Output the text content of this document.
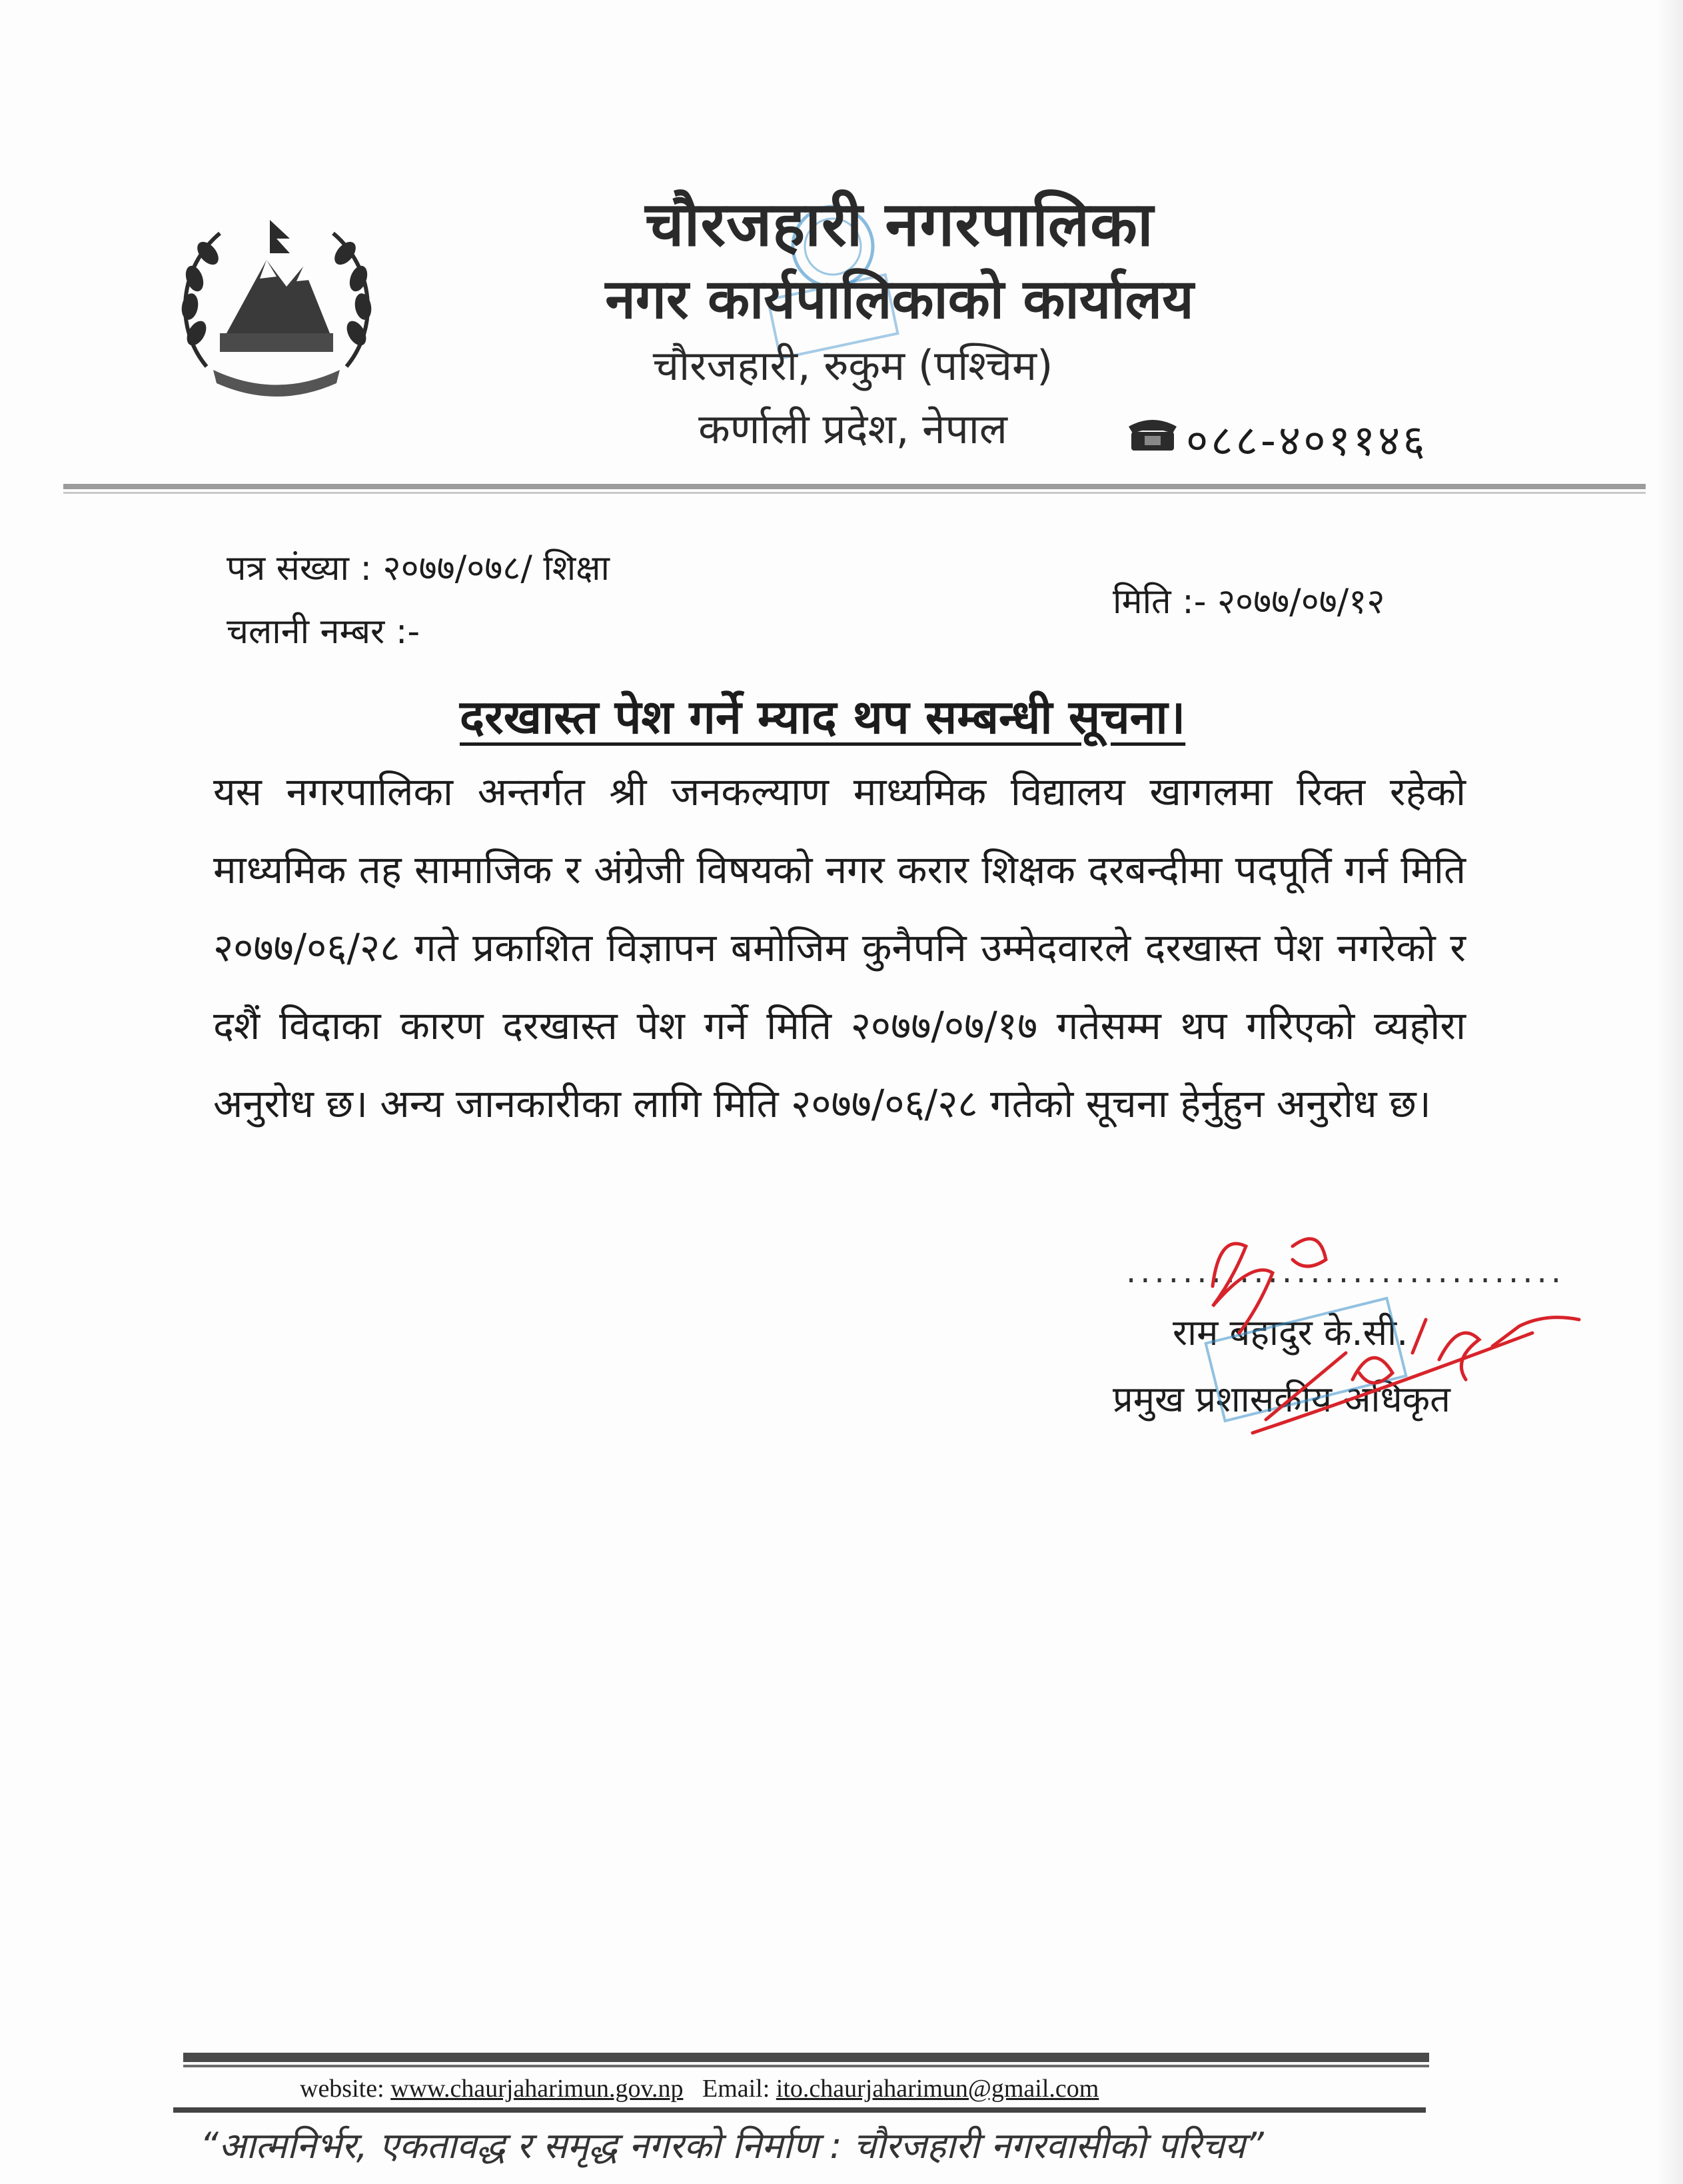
चौरजहारी नगरपालिका
नगर कार्यपालिकाको कार्यालय
चौरजहारी, रुकुम (पश्चिम)
कर्णाली प्रदेश, नेपाल	०८८-४०११४६
पत्र संख्या : २०७७/०७८/ शिक्षा
चलानी नम्बर :-
मिति :- २०७७/०७/१२
दरखास्त पेश गर्ने म्याद थप सम्बन्धी सूचना।
यस नगरपालिका अन्तर्गत श्री जनकल्याण माध्यमिक विद्यालय खागलमा रिक्त रहेको माध्यमिक तह सामाजिक र अंग्रेजी विषयको नगर करार शिक्षक दरबन्दीमा पदपूर्ति गर्न मिति २०७७/०६/२८ गते प्रकाशित विज्ञापन बमोजिम कुनैपनि उम्मेदवारले दरखास्त पेश नगरेको र दशैं विदाका कारण दरखास्त पेश गर्ने मिति २०७७/०७/१७ गतेसम्म थप गरिएको व्यहोरा अनुरोध छ। अन्य जानकारीका लागि मिति २०७७/०६/२८ गतेको सूचना हेर्नुहुन अनुरोध छ।
...............................
राम बहादुर के.सी.
प्रमुख प्रशासकीय अधिकृत
website: www.chaurjaharimun.gov.np Email: ito.chaurjaharimun@gmail.com
“आत्मनिर्भर, एकतावद्ध र समृद्ध नगरको निर्माण : चौरजहारी नगरवासीको परिचय”
